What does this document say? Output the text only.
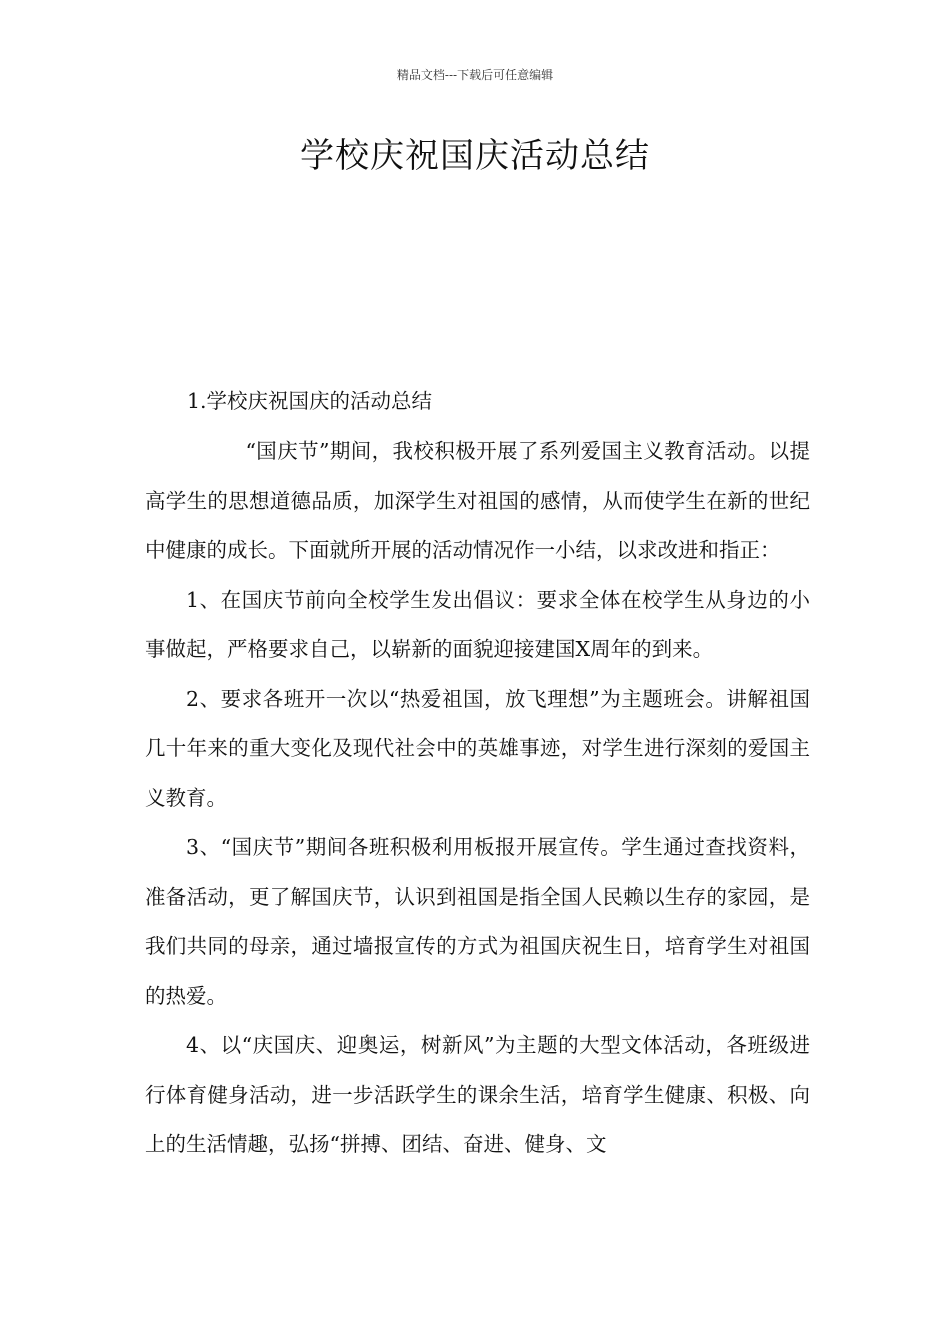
精品文档---下载后可任意编辑
学校庆祝国庆活动总结
1.学校庆祝国庆的活动总结

“国庆节”期间，我校积极开展了系列爱国主义教育活动。以提高学生的思想道德品质，加深学生对祖国的感情，从而使学生在新的世纪中健康的成长。下面就所开展的活动情况作一小结，以求改进和指正：

1、在国庆节前向全校学生发出倡议：要求全体在校学生从身边的小事做起，严格要求自己，以崭新的面貌迎接建国X周年的到来。

2、要求各班开一次以“热爱祖国，放飞理想”为主题班会。讲解祖国几十年来的重大变化及现代社会中的英雄事迹，对学生进行深刻的爱国主义教育。

3、“国庆节”期间各班积极利用板报开展宣传。学生通过查找资料，准备活动，更了解国庆节，认识到祖国是指全国人民赖以生存的家园，是我们共同的母亲，通过墙报宣传的方式为祖国庆祝生日，培育学生对祖国的热爱。

4、以“庆国庆、迎奥运，树新风”为主题的大型文体活动，各班级进行体育健身活动，进一步活跃学生的课余生活，培育学生健康、积极、向上的生活情趣，弘扬“拼搏、团结、奋进、健身、文
